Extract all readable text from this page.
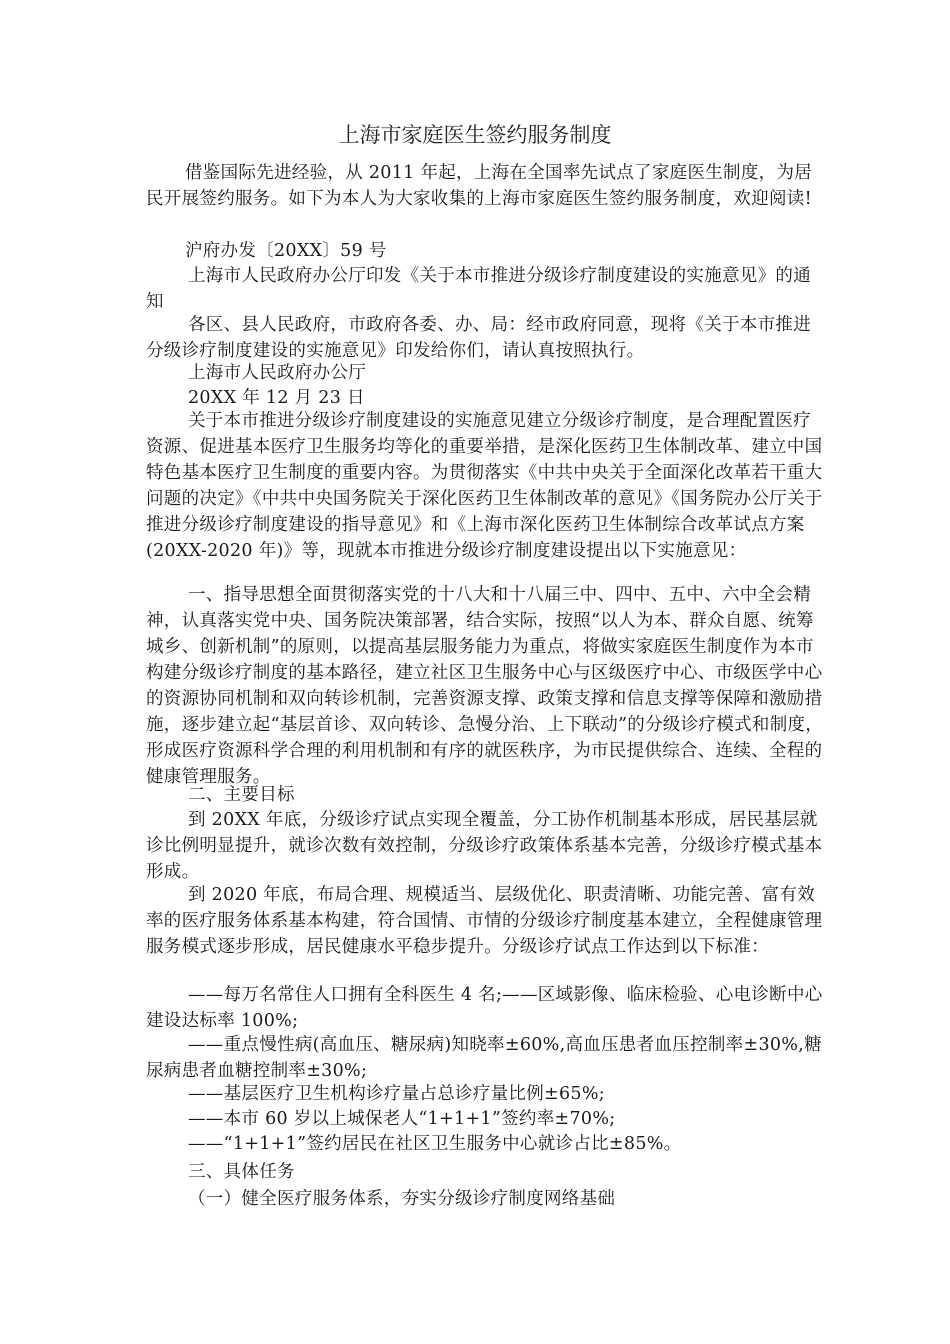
上海市家庭医生签约服务制度

借鉴国际先进经验，从 2011 年起，上海在全国率先试点了家庭医生制度，为居民开展签约服务。如下为本人为大家收集的上海市家庭医生签约服务制度，欢迎阅读!

沪府办发〔20XX〕59 号

上海市人民政府办公厅印发《关于本市推进分级诊疗制度建设的实施意见》的通知

各区、县人民政府，市政府各委、办、局：经市政府同意，现将《关于本市推进分级诊疗制度建设的实施意见》印发给你们，请认真按照执行。

上海市人民政府办公厅

20XX 年 12 月 23 日

关于本市推进分级诊疗制度建设的实施意见建立分级诊疗制度，是合理配置医疗资源、促进基本医疗卫生服务均等化的重要举措，是深化医药卫生体制改革、建立中国特色基本医疗卫生制度的重要内容。为贯彻落实《中共中央关于全面深化改革若干重大问题的决定》《中共中央国务院关于深化医药卫生体制改革的意见》《国务院办公厅关于推进分级诊疗制度建设的指导意见》和《上海市深化医药卫生体制综合改革试点方案(20XX-2020 年)》等，现就本市推进分级诊疗制度建设提出以下实施意见：

一、指导思想全面贯彻落实党的十八大和十八届三中、四中、五中、六中全会精神，认真落实党中央、国务院决策部署，结合实际，按照“以人为本、群众自愿、统筹城乡、创新机制”的原则，以提高基层服务能力为重点，将做实家庭医生制度作为本市构建分级诊疗制度的基本路径，建立社区卫生服务中心与区级医疗中心、市级医学中心的资源协同机制和双向转诊机制，完善资源支撑、政策支撑和信息支撑等保障和激励措施，逐步建立起“基层首诊、双向转诊、急慢分治、上下联动”的分级诊疗模式和制度，形成医疗资源科学合理的利用机制和有序的就医秩序，为市民提供综合、连续、全程的健康管理服务。

二、主要目标

到 20XX 年底，分级诊疗试点实现全覆盖，分工协作机制基本形成，居民基层就诊比例明显提升，就诊次数有效控制，分级诊疗政策体系基本完善，分级诊疗模式基本形成。

到 2020 年底，布局合理、规模适当、层级优化、职责清晰、功能完善、富有效率的医疗服务体系基本构建，符合国情、市情的分级诊疗制度基本建立，全程健康管理服务模式逐步形成，居民健康水平稳步提升。分级诊疗试点工作达到以下标准：

——每万名常住人口拥有全科医生 4 名;——区域影像、临床检验、心电诊断中心建设达标率 100%;

——重点慢性病(高血压、糖尿病)知晓率±60%,高血压患者血压控制率±30%,糖尿病患者血糖控制率±30%;

——基层医疗卫生机构诊疗量占总诊疗量比例±65%;

——本市 60 岁以上城保老人“1+1+1”签约率±70%;

——“1+1+1”签约居民在社区卫生服务中心就诊占比±85%。

三、具体任务

（一）健全医疗服务体系，夯实分级诊疗制度网络基础
